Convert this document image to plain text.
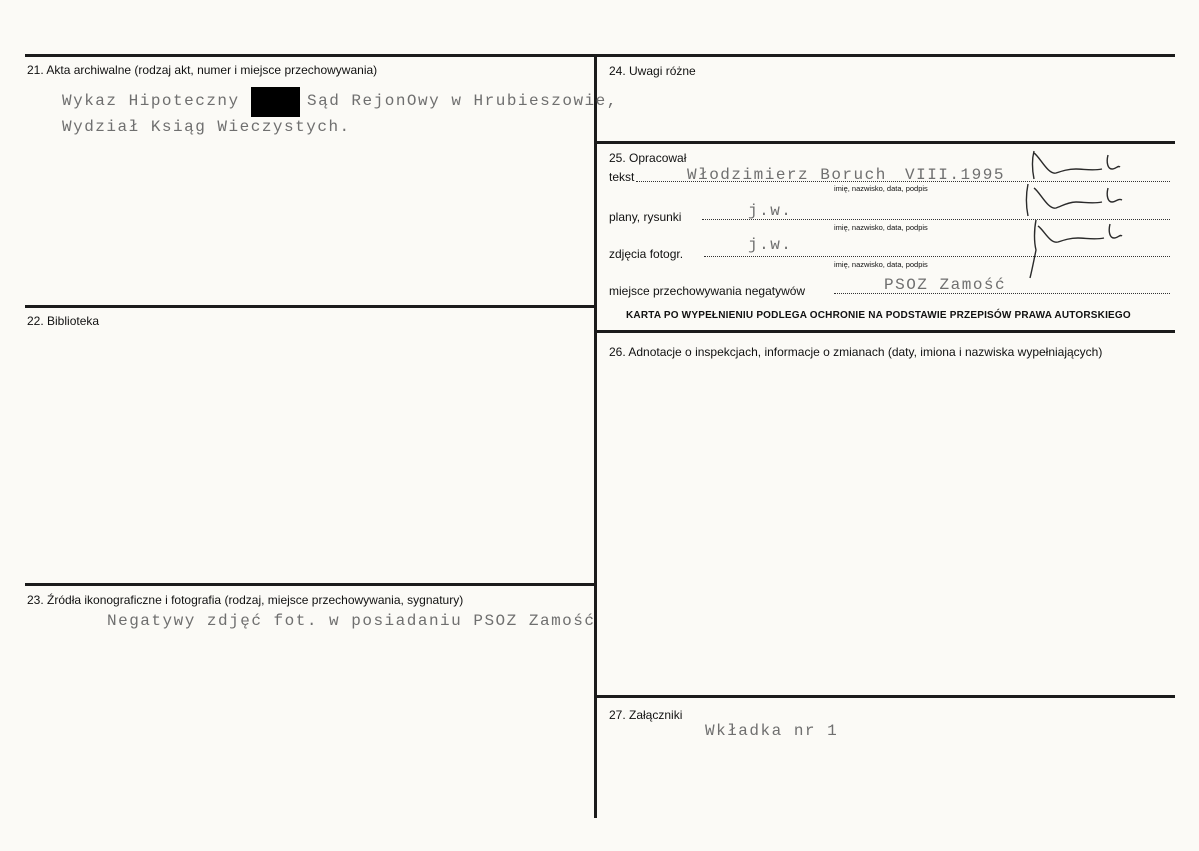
21. Akta archiwalne (rodzaj akt, numer i miejsce przechowywania)
Wykaz Hipoteczny	Sąd RejonOwy w Hrubieszowie,
Wydział Ksiąg Wieczystych.
22. Biblioteka
23. Źródła ikonograficzne i fotografia (rodzaj, miejsce przechowywania, sygnatury)
Negatywy zdjęć fot. w posiadaniu PSOZ Zamość
24. Uwagi różne
25. Opracował
tekst	Włodzimierz Boruch VIII.1995
imię, nazwisko, data, podpis
plany, rysunki	j.w.
imię, nazwisko, data, podpis
zdjęcia fotogr.	j.w.
imię, nazwisko, data, podpis
miejsce przechowywania negatywów	PSOZ Zamość
KARTA PO WYPEŁNIENIU PODLEGA OCHRONIE NA PODSTAWIE PRZEPISÓW PRAWA AUTORSKIEGO
26. Adnotacje o inspekcjach, informacje o zmianach (daty, imiona i nazwiska wypełniających)
27. Załączniki
Wkładka nr 1
